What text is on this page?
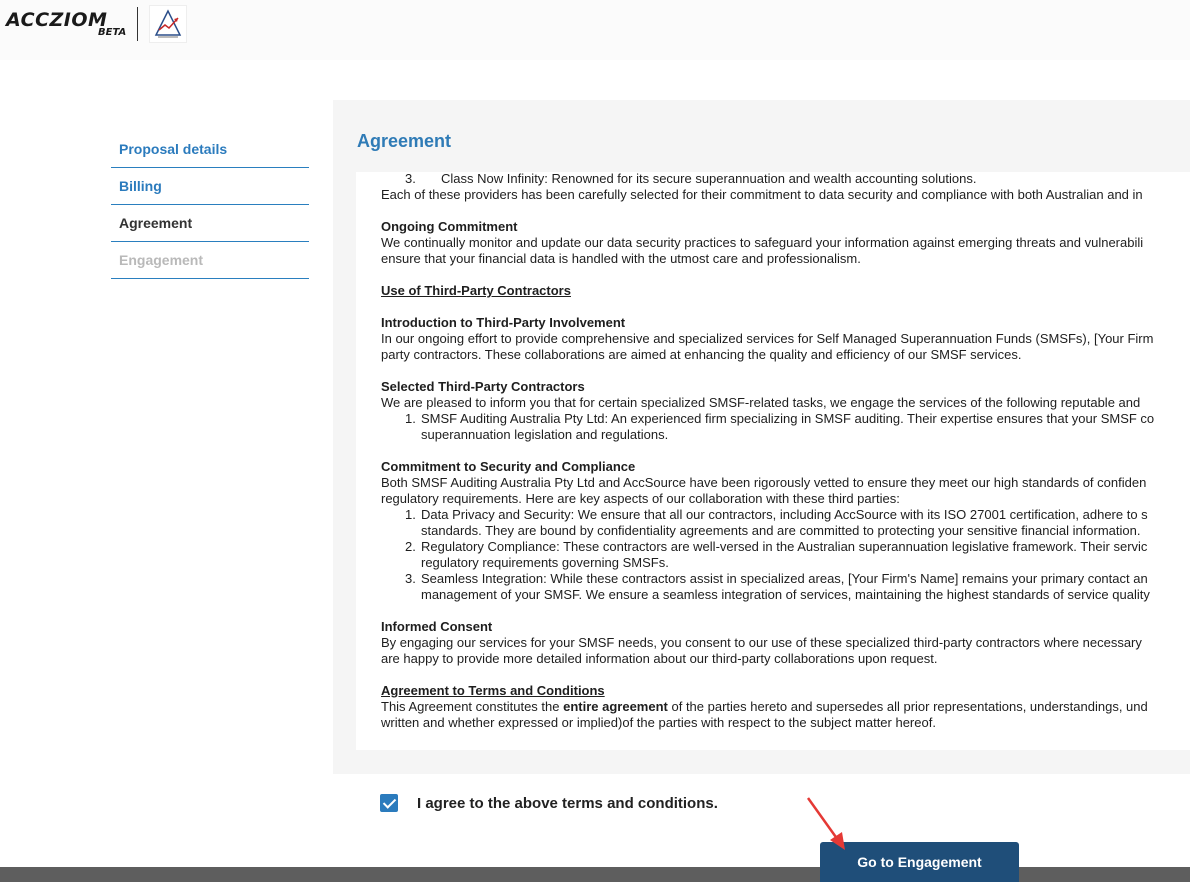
ACCZIOM
BETA
Proposal details
Billing
Agreement
Engagement
Agreement
3.	Class Now Infinity: Renowned for its secure superannuation and wealth accounting solutions.
Each of these providers has been carefully selected for their commitment to data security and compliance with both Australian and in
Ongoing Commitment
We continually monitor and update our data security practices to safeguard your information against emerging threats and vulnerabili
ensure that your financial data is handled with the utmost care and professionalism.
Use of Third-Party Contractors
Introduction to Third-Party Involvement
In our ongoing effort to provide comprehensive and specialized services for Self Managed Superannuation Funds (SMSFs), [Your Firm
party contractors. These collaborations are aimed at enhancing the quality and efficiency of our SMSF services.
Selected Third-Party Contractors
We are pleased to inform you that for certain specialized SMSF-related tasks, we engage the services of the following reputable and
1. SMSF Auditing Australia Pty Ltd: An experienced firm specializing in SMSF auditing. Their expertise ensures that your SMSF co
superannuation legislation and regulations.
Commitment to Security and Compliance
Both SMSF Auditing Australia Pty Ltd and AccSource have been rigorously vetted to ensure they meet our high standards of confiden
regulatory requirements. Here are key aspects of our collaboration with these third parties:
1. Data Privacy and Security: We ensure that all our contractors, including AccSource with its ISO 27001 certification, adhere to s
standards. They are bound by confidentiality agreements and are committed to protecting your sensitive financial information.
2. Regulatory Compliance: These contractors are well-versed in the Australian superannuation legislative framework. Their servic
regulatory requirements governing SMSFs.
3. Seamless Integration: While these contractors assist in specialized areas, [Your Firm's Name] remains your primary contact an
management of your SMSF. We ensure a seamless integration of services, maintaining the highest standards of service quality
Informed Consent
By engaging our services for your SMSF needs, you consent to our use of these specialized third-party contractors where necessary
are happy to provide more detailed information about our third-party collaborations upon request.
Agreement to Terms and Conditions
This Agreement constitutes the entire agreement of the parties hereto and supersedes all prior representations, understandings, und
written and whether expressed or implied)of the parties with respect to the subject matter hereof.
I agree to the above terms and conditions.
Go to Engagement
